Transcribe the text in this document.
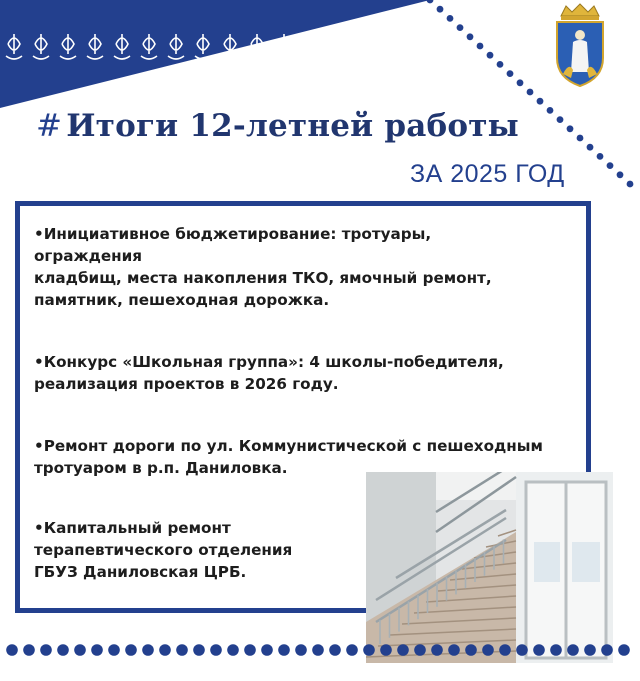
# Итоги 12-летней работы
ЗА 2025 ГОД
•Инициативное бюджетирование: тротуары,
ограждения
кладбищ, места накопления ТКО, ямочный ремонт,
памятник, пешеходная дорожка.
•Конкурс «Школьная группа»: 4 школы-победителя,
реализация проектов в 2026 году.
•Ремонт дороги по ул. Коммунистической с пешеходным
тротуаром в р.п. Даниловка.
•Капитальный ремонт
терапевтического отделения
ГБУЗ Даниловская ЦРБ.
